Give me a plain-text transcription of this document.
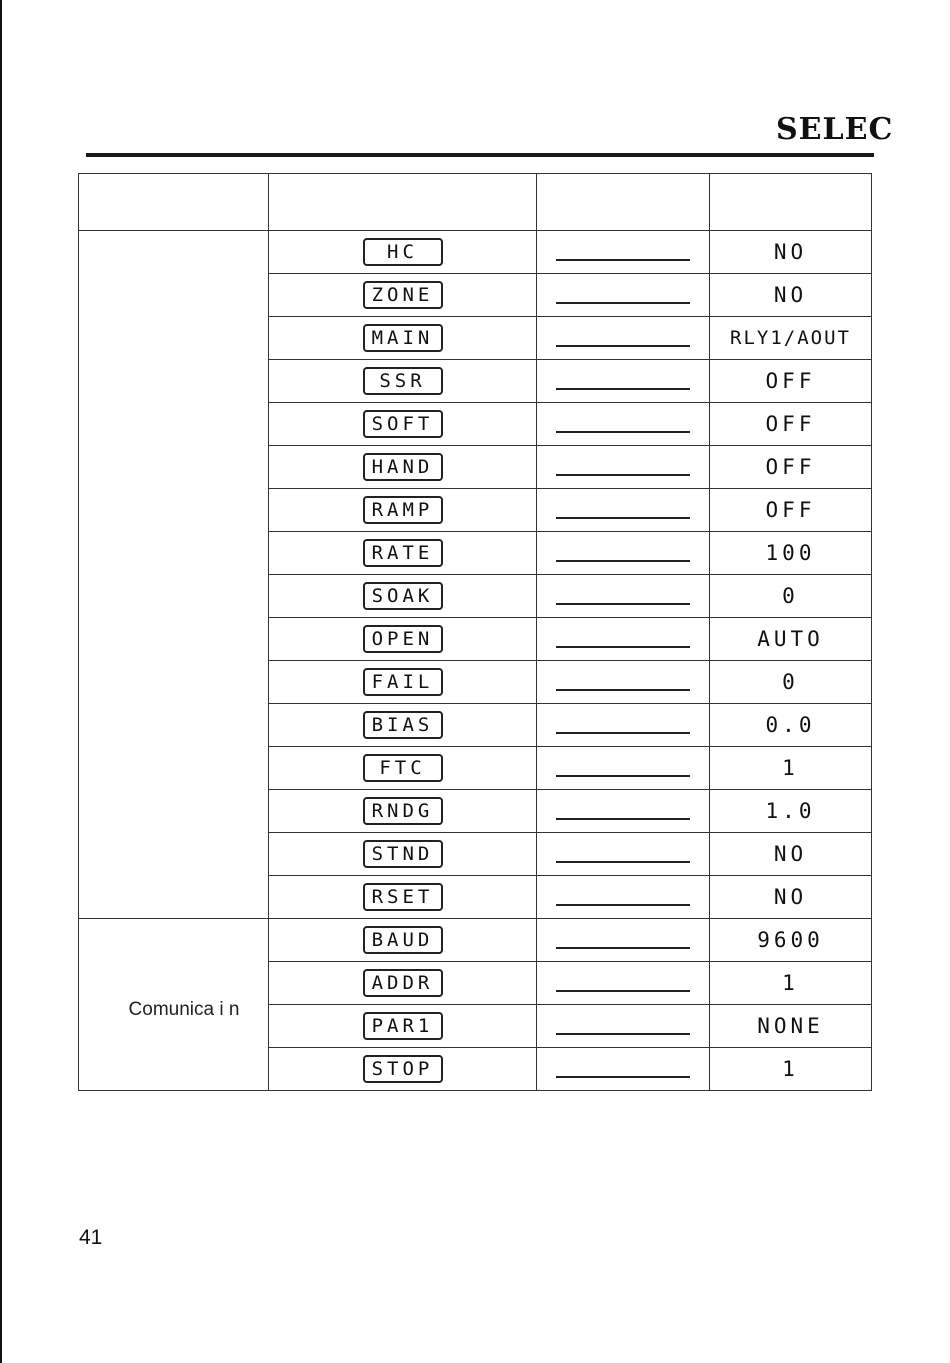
SELEC

	HC		NO
	ZONE		NO
	MAIN		RLY1/AOUT
	SSR		OFF
	SOFT		OFF
	HAND		OFF
	RAMP		OFF
	RATE		100
	SOAK		0
	OPEN		AUTO
	FAIL		0
	BIAS		0.0
	FTC		1
	RNDG		1.0
	STND		NO
	RSET		NO

Comunica i n	BAUD		9600
	ADDR		1
	PAR1		NONE
	STOP		1
41
